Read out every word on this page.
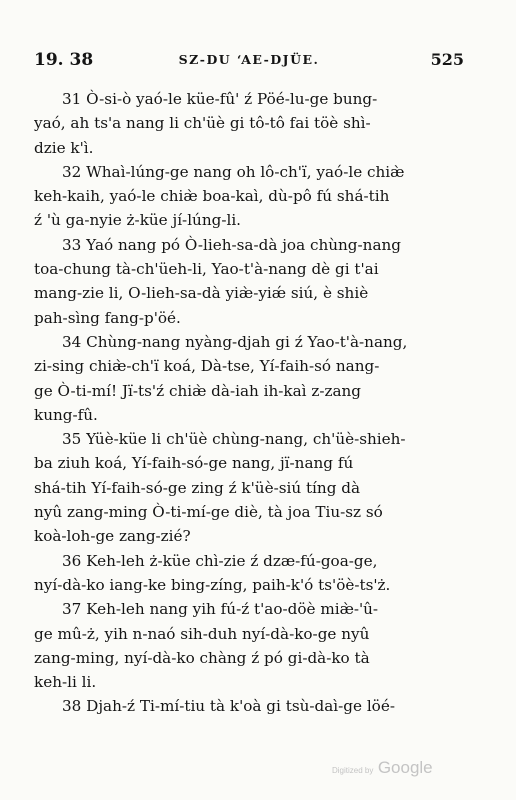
19. 38	SZ-DU ʻAE-DJÜE.	525
31 Ò-si-ò yaó-le küe-fû' ź Pöé-lu-ge bung-
yaó, ah ts'a nang li ch'üè gi tô-tô fai töè shì-
dzie k'ì.
32 Whaì-lúng-ge nang oh lô-ch'ï, yaó-le chiæ̀
keh-kaih, yaó-le chiæ̀ boa-kaì, dù-pô fú shá-tih
ź 'ù ga-nyie ż-küe jí-lúng-li.
33 Yaó nang pó Ò-lieh-sa-dà joa chùng-nang
toa-chung tà-ch'üeh-li, Yao-t'à-nang dè gi t'ai
mang-zie li, O-lieh-sa-dà yiæ̀-yiǽ siú, è shiè
pah-sìng fang-p'öé.
34 Chùng-nang nyàng-djah gi ź Yao-t'à-nang,
zi-sing chiæ̀-ch'ï koá, Dà-tse, Yí-faih-só nang-
ge Ò-ti-mí! Jï-ts'ź chiæ̀ dà-iah ih-kaì z-zang
kung-fû.
35 Yüè-küe li ch'üè chùng-nang, ch'üè-shieh-
ba ziuh koá, Yí-faih-só-ge nang, jï-nang fú
shá-tih Yí-faih-só-ge zing ź k'üè-siú tíng dà
nyû zang-ming Ò-ti-mí-ge diè, tà joa Tiu-sz só
koà-loh-ge zang-zié?
36 Keh-leh ż-küe chì-zie ź dzæ-fú-goa-ge,
nyí-dà-ko iang-ke bing-zíng, paih-k'ó ts'öè-ts'ż.
37 Keh-leh nang yih fú-ź t'ao-döè miæ̀-'û-
ge mû-ż, yih n-naó sih-duh nyí-dà-ko-ge nyû
zang-ming, nyí-dà-ko chàng ź pó gi-dà-ko tà
keh-li li.
38 Djah-ź Ti-mí-tiu tà k'oà gi tsù-daì-ge löé-
Digitized by Google
